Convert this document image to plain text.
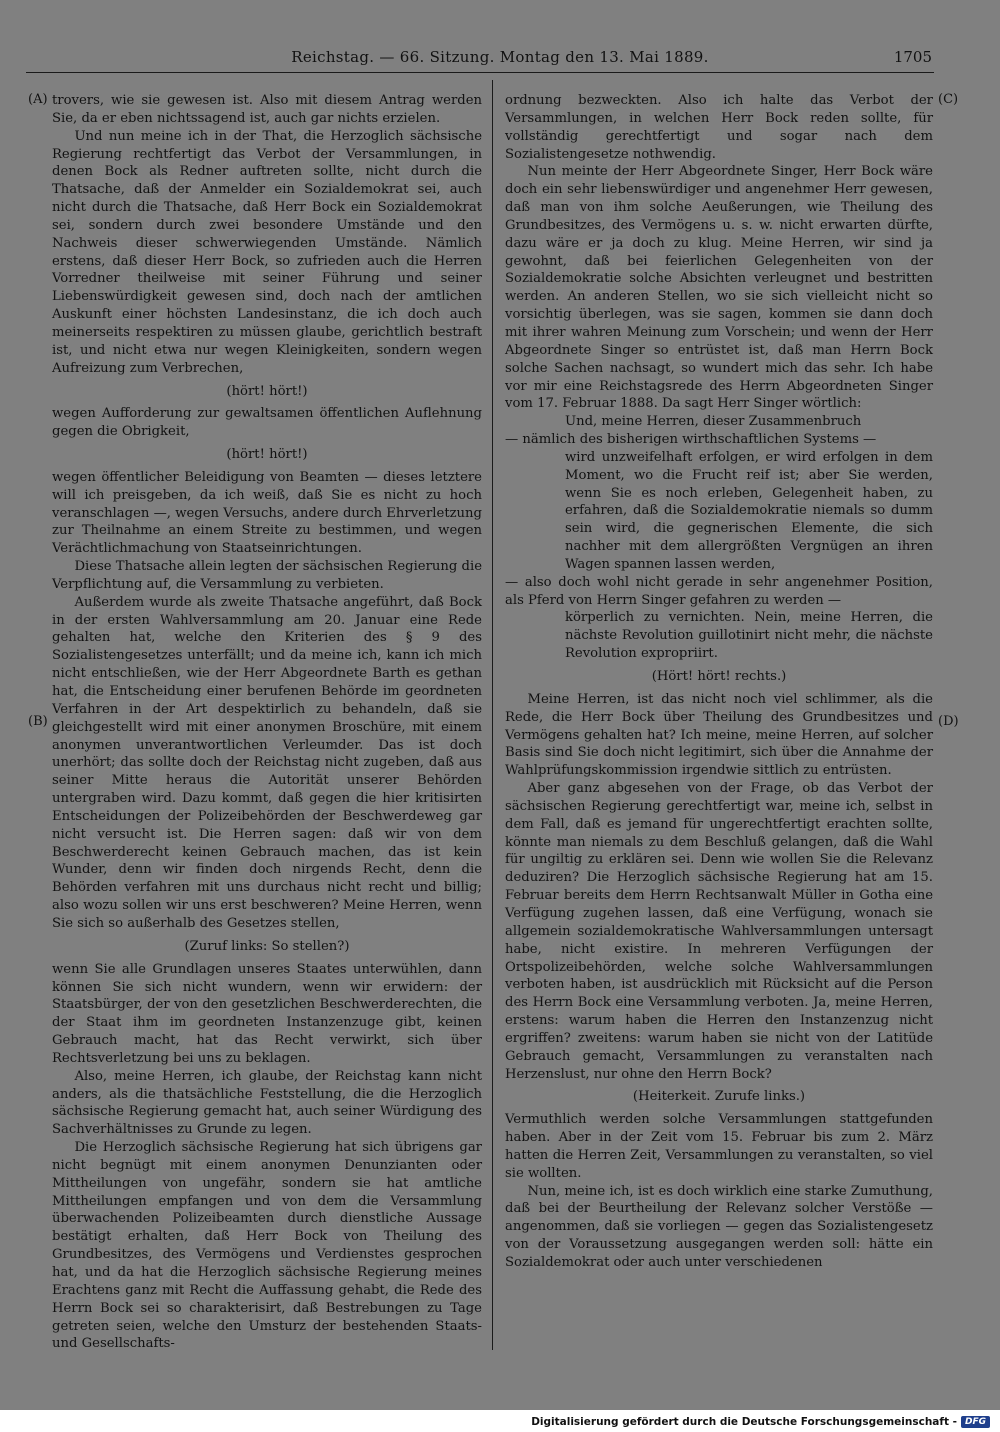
Reichstag. — 66. Sitzung. Montag den 13. Mai 1889.	1705
(A)
(B)
(C)
(D)

trovers, wie sie gewesen ist. Also mit diesem Antrag werden Sie, da er eben nichtssagend ist, auch gar nichts erzielen.

Und nun meine ich in der That, die Herzoglich sächsische Regierung rechtfertigt das Verbot der Versammlungen, in denen Bock als Redner auftreten sollte, nicht durch die Thatsache, daß der Anmelder ein Sozialdemokrat sei, auch nicht durch die Thatsache, daß Herr Bock ein Sozialdemokrat sei, sondern durch zwei besondere Umstände und den Nachweis dieser schwerwiegenden Umstände. Nämlich erstens, daß dieser Herr Bock, so zufrieden auch die Herren Vorredner theilweise mit seiner Führung und seiner Liebenswürdigkeit gewesen sind, doch nach der amtlichen Auskunft einer höchsten Landesinstanz, die ich doch auch meinerseits respektiren zu müssen glaube, gerichtlich bestraft ist, und nicht etwa nur wegen Kleinigkeiten, sondern wegen Aufreizung zum Verbrechen,

(hört! hört!)

wegen Aufforderung zur gewaltsamen öffentlichen Auflehnung gegen die Obrigkeit,

(hört! hört!)

wegen öffentlicher Beleidigung von Beamten — dieses letztere will ich preisgeben, da ich weiß, daß Sie es nicht zu hoch veranschlagen —, wegen Versuchs, andere durch Ehrverletzung zur Theilnahme an einem Streite zu bestimmen, und wegen Verächtlichmachung von Staatseinrichtungen.

Diese Thatsache allein legten der sächsischen Regierung die Verpflichtung auf, die Versammlung zu verbieten.

Außerdem wurde als zweite Thatsache angeführt, daß Bock in der ersten Wahlversammlung am 20. Januar eine Rede gehalten hat, welche den Kriterien des § 9 des Sozialistengesetzes unterfällt; und da meine ich, kann ich mich nicht entschließen, wie der Herr Abgeordnete Barth es gethan hat, die Entscheidung einer berufenen Behörde im geordneten Verfahren in der Art despektirlich zu behandeln, daß sie gleichgestellt wird mit einer anonymen Broschüre, mit einem anonymen unverantwortlichen Verleumder. Das ist doch unerhört; das sollte doch der Reichstag nicht zugeben, daß aus seiner Mitte heraus die Autorität unserer Behörden untergraben wird. Dazu kommt, daß gegen die hier kritisirten Entscheidungen der Polizeibehörden der Beschwerdeweg gar nicht versucht ist. Die Herren sagen: daß wir von dem Beschwerderecht keinen Gebrauch machen, das ist kein Wunder, denn wir finden doch nirgends Recht, denn die Behörden verfahren mit uns durchaus nicht recht und billig; also wozu sollen wir uns erst beschweren? Meine Herren, wenn Sie sich so außerhalb des Gesetzes stellen,

(Zuruf links: So stellen?)

wenn Sie alle Grundlagen unseres Staates unterwühlen, dann können Sie sich nicht wundern, wenn wir erwidern: der Staatsbürger, der von den gesetzlichen Beschwerderechten, die der Staat ihm im geordneten Instanzenzuge gibt, keinen Gebrauch macht, hat das Recht verwirkt, sich über Rechtsverletzung bei uns zu beklagen.

Also, meine Herren, ich glaube, der Reichstag kann nicht anders, als die thatsächliche Feststellung, die die Herzoglich sächsische Regierung gemacht hat, auch seiner Würdigung des Sachverhältnisses zu Grunde zu legen.

Die Herzoglich sächsische Regierung hat sich übrigens gar nicht begnügt mit einem anonymen Denunzianten oder Mittheilungen von ungefähr, sondern sie hat amtliche Mittheilungen empfangen und von dem die Versammlung überwachenden Polizeibeamten durch dienstliche Aussage bestätigt erhalten, daß Herr Bock von Theilung des Grundbesitzes, des Vermögens und Verdienstes gesprochen hat, und da hat die Herzoglich sächsische Regierung meines Erachtens ganz mit Recht die Auffassung gehabt, die Rede des Herrn Bock sei so charakterisirt, daß Bestrebungen zu Tage getreten seien, welche den Umsturz der bestehenden Staats- und Gesellschafts-

ordnung bezweckten. Also ich halte das Verbot der Versammlungen, in welchen Herr Bock reden sollte, für vollständig gerechtfertigt und sogar nach dem Sozialistengesetze nothwendig.

Nun meinte der Herr Abgeordnete Singer, Herr Bock wäre doch ein sehr liebenswürdiger und angenehmer Herr gewesen, daß man von ihm solche Aeußerungen, wie Theilung des Grundbesitzes, des Vermögens u. s. w. nicht erwarten dürfte, dazu wäre er ja doch zu klug. Meine Herren, wir sind ja gewohnt, daß bei feierlichen Gelegenheiten von der Sozialdemokratie solche Absichten verleugnet und bestritten werden. An anderen Stellen, wo sie sich vielleicht nicht so vorsichtig überlegen, was sie sagen, kommen sie dann doch mit ihrer wahren Meinung zum Vorschein; und wenn der Herr Abgeordnete Singer so entrüstet ist, daß man Herrn Bock solche Sachen nachsagt, so wundert mich das sehr. Ich habe vor mir eine Reichstagsrede des Herrn Abgeordneten Singer vom 17. Februar 1888. Da sagt Herr Singer wörtlich:

Und, meine Herren, dieser Zusammenbruch

— nämlich des bisherigen wirthschaftlichen Systems —

wird unzweifelhaft erfolgen, er wird erfolgen in dem Moment, wo die Frucht reif ist; aber Sie werden, wenn Sie es noch erleben, Gelegenheit haben, zu erfahren, daß die Sozialdemokratie niemals so dumm sein wird, die gegnerischen Elemente, die sich nachher mit dem allergrößten Vergnügen an ihren Wagen spannen lassen werden,

— also doch wohl nicht gerade in sehr angenehmer Position, als Pferd von Herrn Singer gefahren zu werden —

körperlich zu vernichten. Nein, meine Herren, die nächste Revolution guillotinirt nicht mehr, die nächste Revolution expropriirt.

(Hört! hört! rechts.)

Meine Herren, ist das nicht noch viel schlimmer, als die Rede, die Herr Bock über Theilung des Grundbesitzes und Vermögens gehalten hat? Ich meine, meine Herren, auf solcher Basis sind Sie doch nicht legitimirt, sich über die Annahme der Wahlprüfungskommission irgendwie sittlich zu entrüsten.

Aber ganz abgesehen von der Frage, ob das Verbot der sächsischen Regierung gerechtfertigt war, meine ich, selbst in dem Fall, daß es jemand für ungerechtfertigt erachten sollte, könnte man niemals zu dem Beschluß gelangen, daß die Wahl für ungiltig zu erklären sei. Denn wie wollen Sie die Relevanz deduziren? Die Herzoglich sächsische Regierung hat am 15. Februar bereits dem Herrn Rechtsanwalt Müller in Gotha eine Verfügung zugehen lassen, daß eine Verfügung, wonach sie allgemein sozialdemokratische Wahlversammlungen untersagt habe, nicht existire. In mehreren Verfügungen der Ortspolizeibehörden, welche solche Wahlversammlungen verboten haben, ist ausdrücklich mit Rücksicht auf die Person des Herrn Bock eine Versammlung verboten. Ja, meine Herren, erstens: warum haben die Herren den Instanzenzug nicht ergriffen? zweitens: warum haben sie nicht von der Latitüde Gebrauch gemacht, Versammlungen zu veranstalten nach Herzenslust, nur ohne den Herrn Bock?

(Heiterkeit. Zurufe links.)

Vermuthlich werden solche Versammlungen stattgefunden haben. Aber in der Zeit vom 15. Februar bis zum 2. März hatten die Herren Zeit, Versammlungen zu veranstalten, so viel sie wollten.

Nun, meine ich, ist es doch wirklich eine starke Zumuthung, daß bei der Beurtheilung der Relevanz solcher Verstöße — angenommen, daß sie vorliegen — gegen das Sozialistengesetz von der Voraussetzung ausgegangen werden soll: hätte ein Sozialdemokrat oder auch unter verschiedenen

Digitalisierung gefördert durch die Deutsche Forschungsgemeinschaft - DFG
